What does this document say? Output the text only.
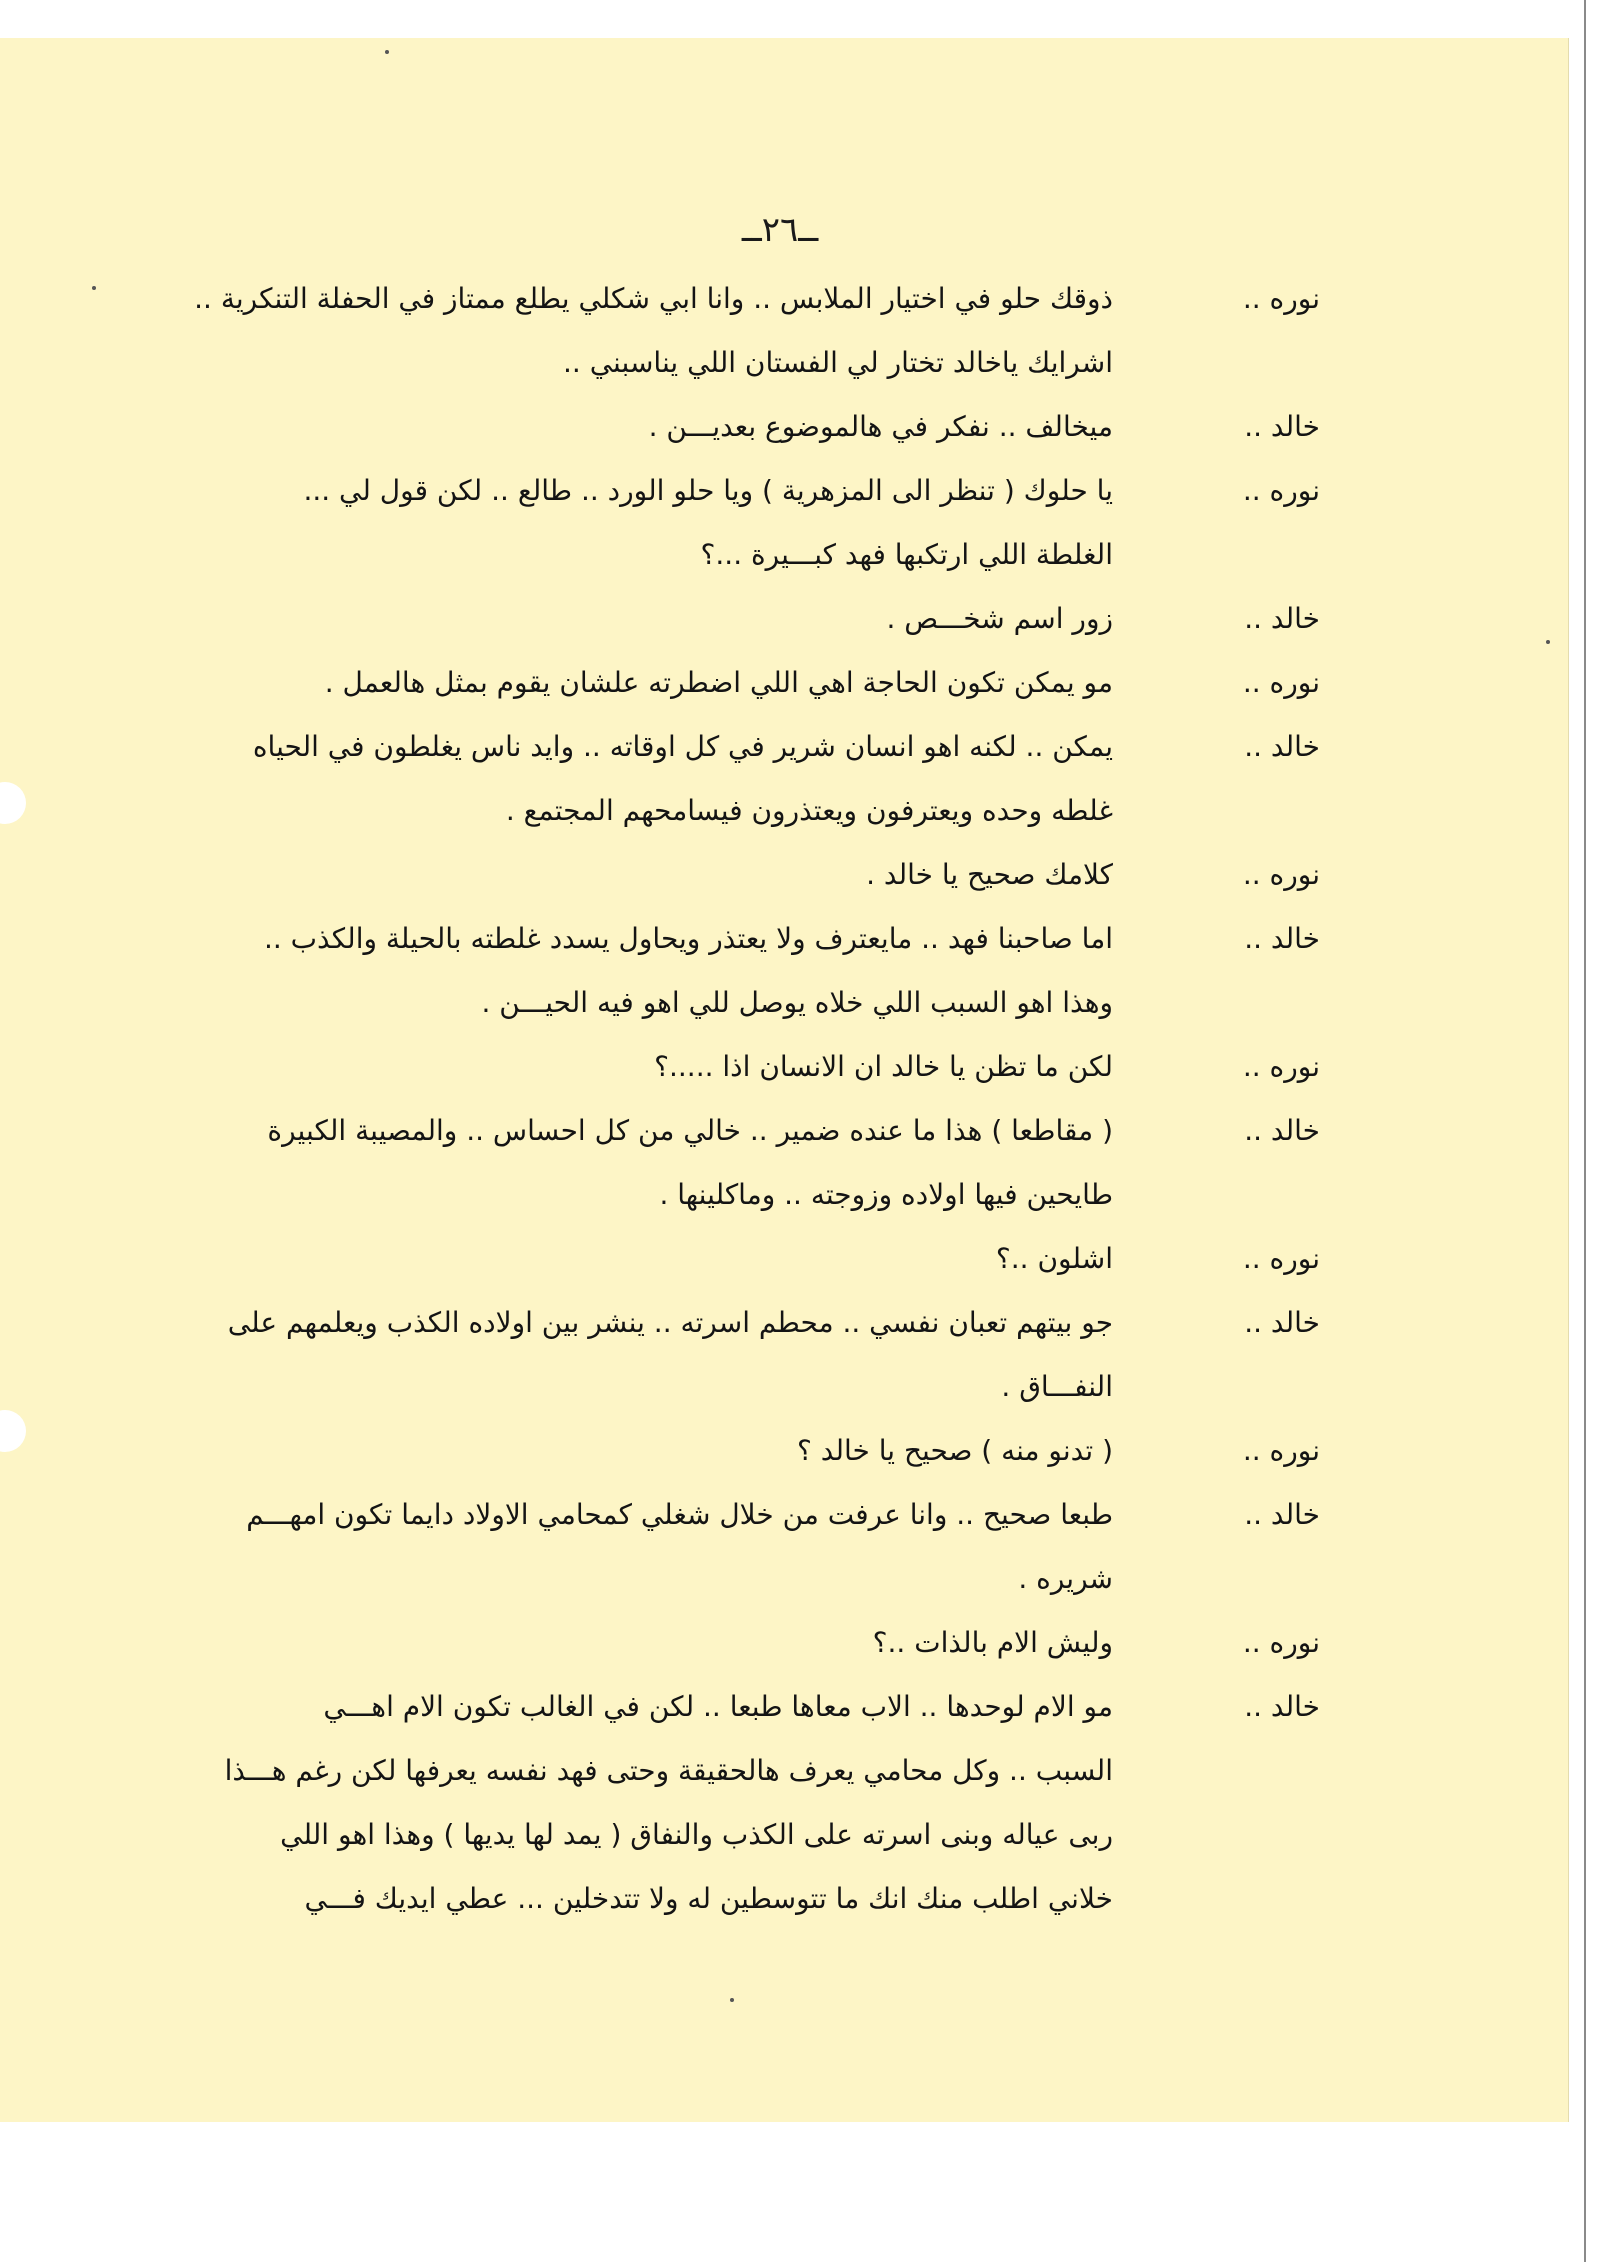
ــ٢٦ــ
نوره ..
ذوقك حلو في اختيار الملابس .. وانا ابي شكلي يطلع ممتاز في الحفلة التنكرية ..
اشرايك ياخالد تختار لي الفستان اللي يناسبني ..
خالد ..
ميخالف .. نفكر في هالموضوع بعديـــن .
نوره ..
يا حلوك ( تنظر الى المزهرية ) ويا حلو الورد .. طالع .. لكن قول لي ...
الغلطة اللي ارتكبها فهد كبـــيرة ...؟
خالد ..
زور اسم شخـــص .
نوره ..
مو يمكن تكون الحاجة اهي اللي اضطرته علشان يقوم بمثل هالعمل .
خالد ..
يمكن .. لكنه اهو انسان شرير في كل اوقاته .. وايد ناس يغلطون في الحياه
غلطه وحده ويعترفون ويعتذرون فيسامحهم المجتمع .
نوره ..
كلامك صحيح يا خالد .
خالد ..
اما صاحبنا فهد .. مايعترف ولا يعتذر ويحاول يسدد غلطته بالحيلة والكذب ..
وهذا اهو السبب اللي خلاه يوصل للي اهو فيه الحيـــن .
نوره ..
لكن ما تظن يا خالد ان الانسان اذا .....؟
خالد ..
( مقاطعا ) هذا ما عنده ضمير .. خالي من كل احساس .. والمصيبة الكبيرة
طايحين فيها اولاده وزوجته .. وماكلينها .
نوره ..
اشلون ..؟
خالد ..
جو بيتهم تعبان نفسي .. محطم اسرته .. ينشر بين اولاده الكذب ويعلمهم على
النفـــاق .
نوره ..
( تدنو منه ) صحيح يا خالد ؟
خالد ..
طبعا صحيح .. وانا عرفت من خلال شغلي كمحامي الاولاد دايما تكون امهـــم
شريره .
نوره ..
وليش الام بالذات ..؟
خالد ..
مو الام لوحدها .. الاب معاها طبعا .. لكن في الغالب تكون الام اهـــي
السبب .. وكل محامي يعرف هالحقيقة وحتى فهد نفسه يعرفها لكن رغم هـــذا
ربى عياله وبنى اسرته على الكذب والنفاق ( يمد لها يديها ) وهذا اهو اللي
خلاني اطلب منك انك ما تتوسطين له ولا تتدخلين ... عطي ايديك فـــي
